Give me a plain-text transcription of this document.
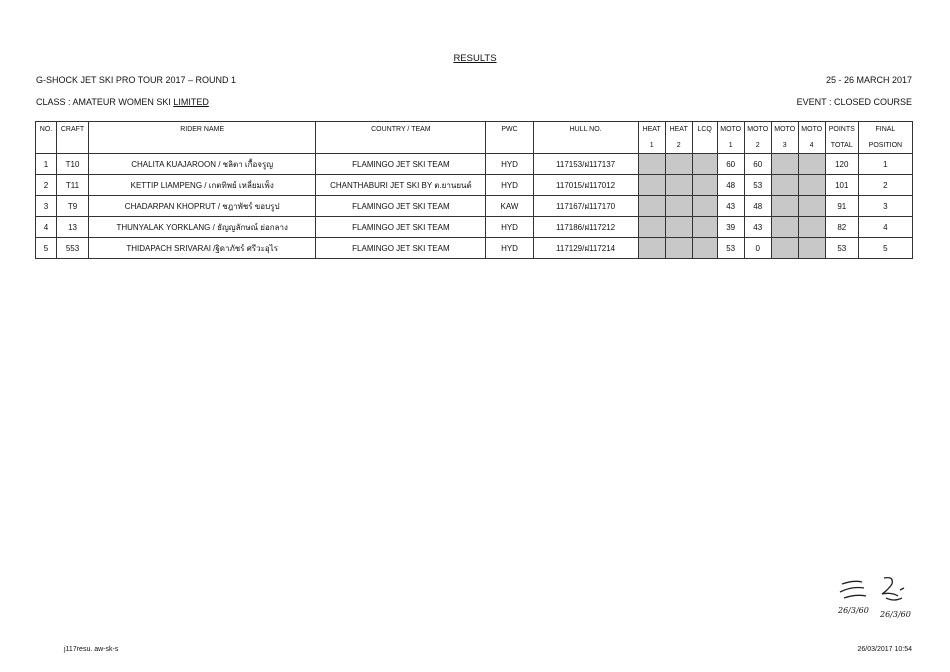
RESULTS
G-SHOCK JET SKI PRO TOUR 2017 – ROUND 1	25 - 26 MARCH 2017
CLASS : AMATEUR WOMEN SKI LIMITED	EVENT : CLOSED COURSE
NO.	CRAFT	RIDER NAME	COUNTRY / TEAM	PWC	HULL NO.	HEAT	HEAT	LCQ	MOTO	MOTO	MOTO	MOTO	POINTS	FINAL
						1	2		1	2	3	4	TOTAL	POSITION
1	T10	CHALITA KUAJAROON / ชลิตา เกื้อจรูญ	FLAMINGO JET SKI TEAM	HYD	117153/ฝ117137				60	60			120	1
2	T11	KETTIP LIAMPENG / เกตทิพย์ เหลี่ยมเพ็ง	CHANTHABURI JET SKI BY ต.ยานยนต์	HYD	117015/ฝ117012				48	53			101	2
3	T9	CHADARPAN KHOPRUT / ชฎาพัชร์ ขอบรูป	FLAMINGO JET SKI TEAM	KAW	117167/ฝ117170				43	48			91	3
4	13	THUNYALAK YORKLANG / ธัญญลักษณ์ ย่อกลาง	FLAMINGO JET SKI TEAM	HYD	117186/ฝ117212				39	43			82	4
5	553	THIDAPACH SRIVARAI /ฐิดาภัชร์ ศรีวะอุไร	FLAMINGO JET SKI TEAM	HYD	117129/ฝ117214				53	0			53	5
26/3/60 26/3/60
j117resu. aw-sk-s	26/03/2017 10:54
